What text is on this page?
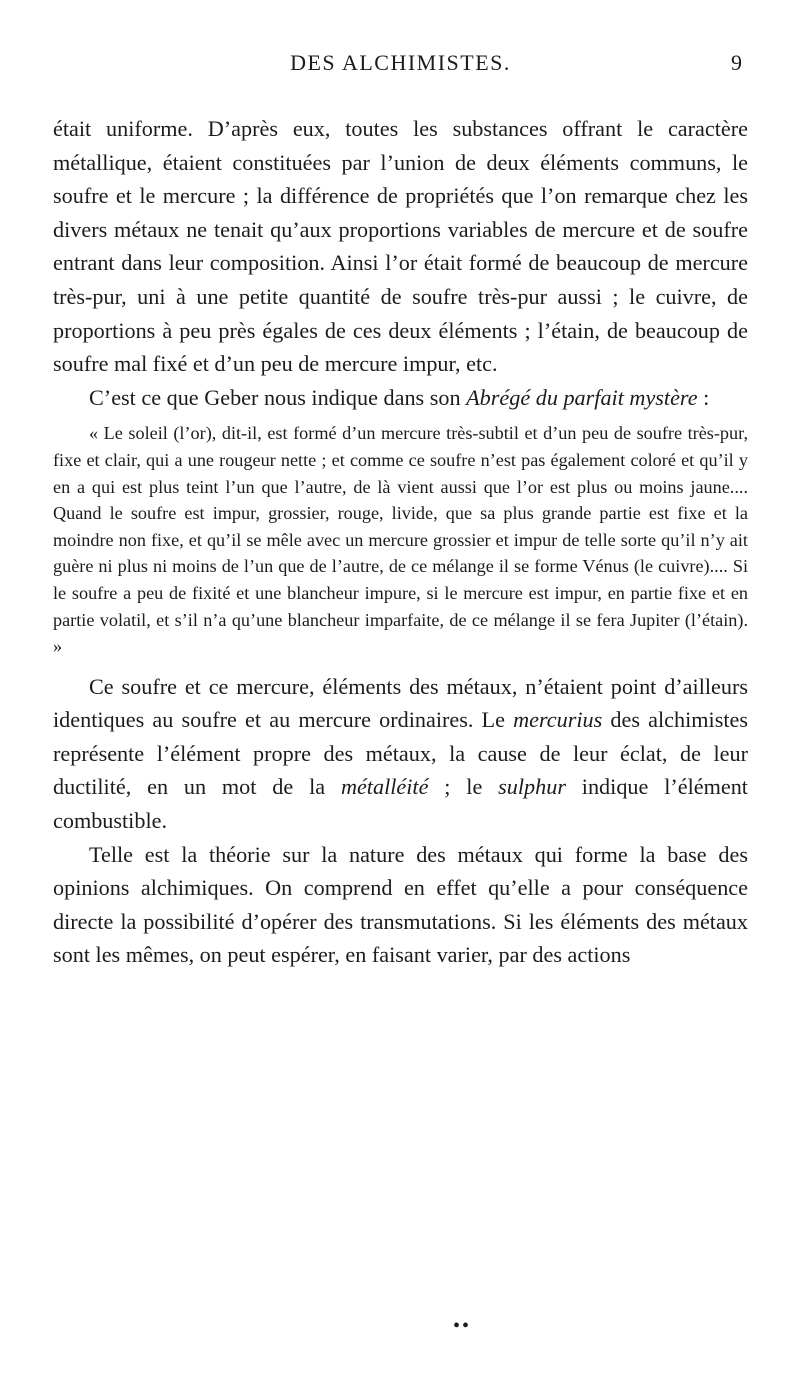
DES ALCHIMISTES.	9

était uniforme. D’après eux, toutes les substances offrant le caractère métallique, étaient constituées par l’union de deux éléments communs, le soufre et le mercure ; la différence de propriétés que l’on remarque chez les divers métaux ne tenait qu’aux proportions variables de mercure et de soufre entrant dans leur composition. Ainsi l’or était formé de beaucoup de mercure très-pur, uni à une petite quantité de soufre très-pur aussi ; le cuivre, de proportions à peu près égales de ces deux éléments ; l’étain, de beaucoup de soufre mal fixé et d’un peu de mercure impur, etc.

C’est ce que Geber nous indique dans son Abrégé du parfait mystère :

« Le soleil (l’or), dit-il, est formé d’un mercure très-subtil et d’un peu de soufre très-pur, fixe et clair, qui a une rougeur nette ; et comme ce soufre n’est pas également coloré et qu’il y en a qui est plus teint l’un que l’autre, de là vient aussi que l’or est plus ou moins jaune.... Quand le soufre est impur, grossier, rouge, livide, que sa plus grande partie est fixe et la moindre non fixe, et qu’il se mêle avec un mercure grossier et impur de telle sorte qu’il n’y ait guère ni plus ni moins de l’un que de l’autre, de ce mélange il se forme Vénus (le cuivre).... Si le soufre a peu de fixité et une blancheur impure, si le mercure est impur, en partie fixe et en partie volatil, et s’il n’a qu’une blancheur imparfaite, de ce mélange il se fera Jupiter (l’étain). »

Ce soufre et ce mercure, éléments des métaux, n’étaient point d’ailleurs identiques au soufre et au mercure ordinaires. Le mercurius des alchimistes représente l’élément propre des métaux, la cause de leur éclat, de leur ductilité, en un mot de la métalléité ; le sulphur indique l’élément combustible.

Telle est la théorie sur la nature des métaux qui forme la base des opinions alchimiques. On comprend en effet qu’elle a pour conséquence directe la possibilité d’opérer des transmutations. Si les éléments des métaux sont les mêmes, on peut espérer, en faisant varier, par des actions

••
